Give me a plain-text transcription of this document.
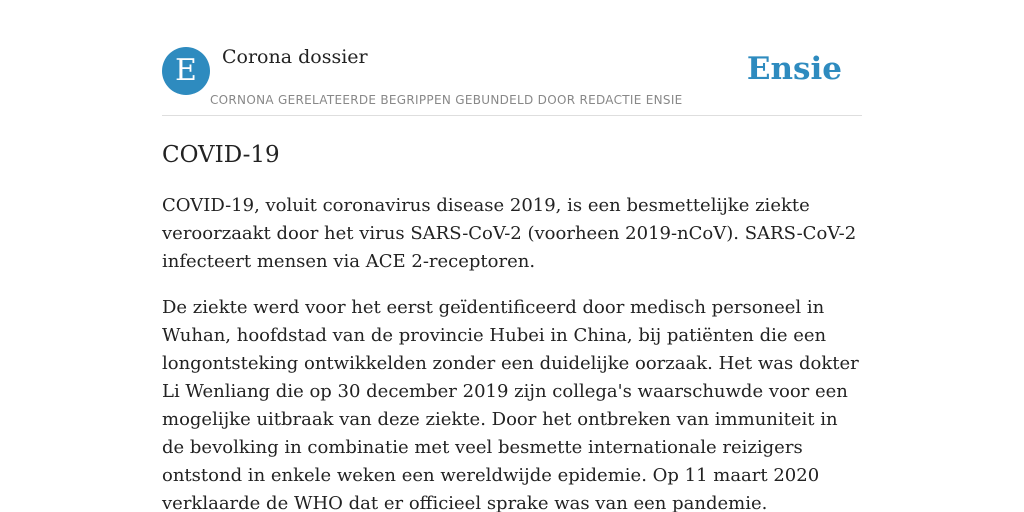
E	Corona dossier
CORNONA GERELATEERDE BEGRIPPEN GEBUNDELD DOOR REDACTIE ENSIE
Ensie
COVID-19

COVID-19, voluit coronavirus disease 2019, is een besmettelijke ziekte veroorzaakt door het virus SARS-CoV-2 (voorheen 2019-nCoV). SARS-CoV-2 infecteert mensen via ACE 2-receptoren.

De ziekte werd voor het eerst geïdentificeerd door medisch personeel in Wuhan, hoofdstad van de provincie Hubei in China, bij patiënten die een longontsteking ontwikkelden zonder een duidelijke oorzaak. Het was dokter Li Wenliang die op 30 december 2019 zijn collega's waarschuwde voor een mogelijke uitbraak van deze ziekte. Door het ontbreken van immuniteit in de bevolking in combinatie met veel besmette internationale reizigers ontstond in enkele weken een wereldwijde epidemie. Op 11 maart 2020 verklaarde de WHO dat er officieel sprake was van een pandemie.
